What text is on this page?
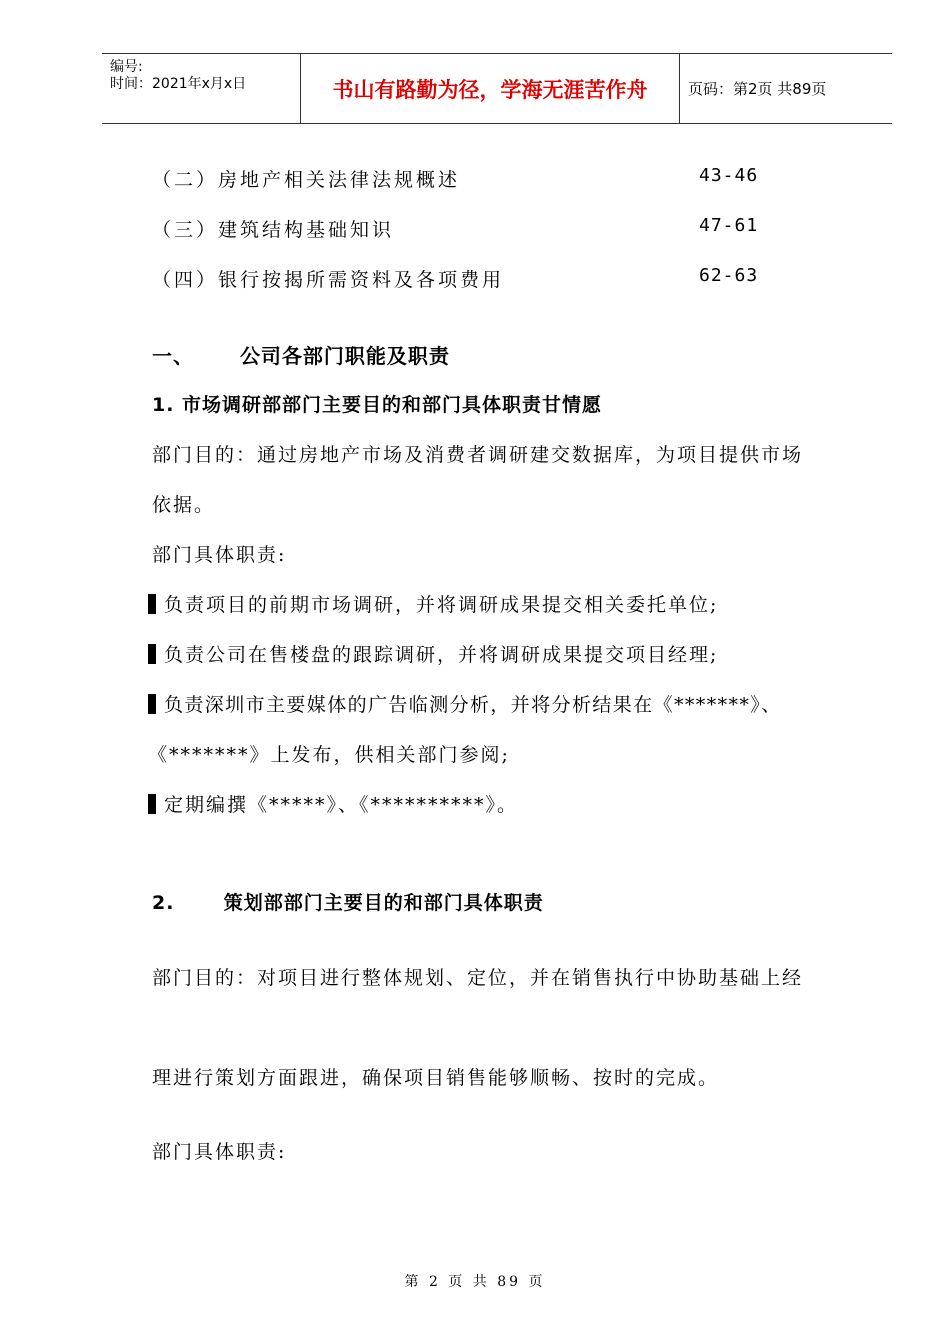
编号:
时间：2021年x月x日	书山有路勤为径，学海无涯苦作舟	页码：第2页 共89页
（二）房地产相关法律法规概述	43-46
（三）建筑结构基础知识	47-61
（四）银行按揭所需资料及各项费用	62-63
一、 公司各部门职能及职责
1. 市场调研部部门主要目的和部门具体职责甘情愿
部门目的：通过房地产市场及消费者调研建交数据库，为项目提供市场
依据。
部门具体职责:
负责项目的前期市场调研，并将调研成果提交相关委托单位;
负责公司在售楼盘的跟踪调研，并将调研成果提交项目经理;
负责深圳市主要媒体的广告临测分析，并将分析结果在《*******》、
《*******》上发布，供相关部门参阅;
定期编撰《*****》、《**********》。
2.	策划部部门主要目的和部门具体职责
部门目的：对项目进行整体规划、定位，并在销售执行中协助基础上经
理进行策划方面跟进，确保项目销售能够顺畅、按时的完成。
部门具体职责:
第 2 页 共 89 页
